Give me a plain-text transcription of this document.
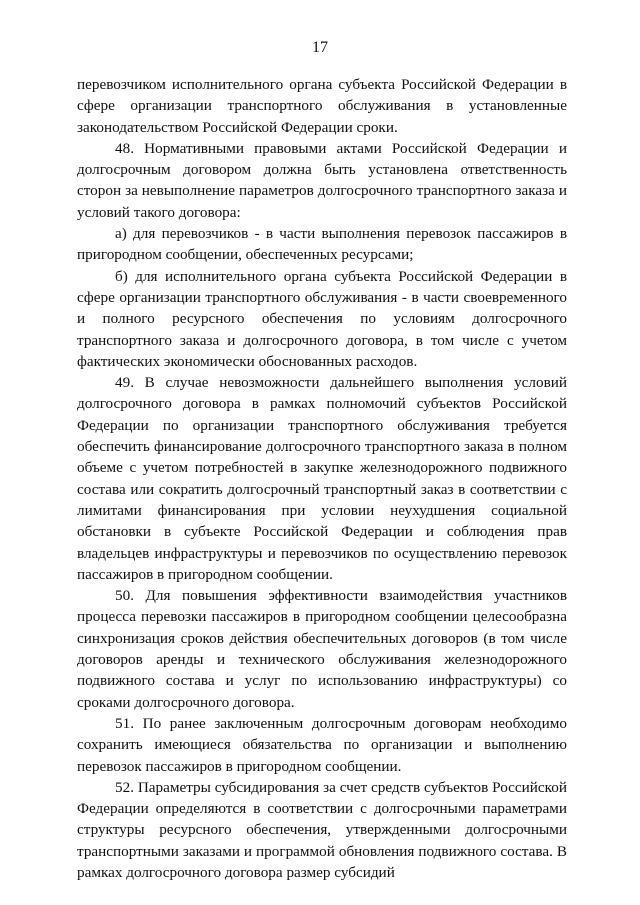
17

перевозчиком исполнительного органа субъекта Российской Федерации в сфере организации транспортного обслуживания в установленные законодательством Российской Федерации сроки.

48. Нормативными правовыми актами Российской Федерации и долгосрочным договором должна быть установлена ответственность сторон за невыполнение параметров долгосрочного транспортного заказа и условий такого договора:

а) для перевозчиков - в части выполнения перевозок пассажиров в пригородном сообщении, обеспеченных ресурсами;

б) для исполнительного органа субъекта Российской Федерации в сфере организации транспортного обслуживания - в части своевременного и полного ресурсного обеспечения по условиям долгосрочного транспортного заказа и долгосрочного договора, в том числе с учетом фактических экономически обоснованных расходов.

49. В случае невозможности дальнейшего выполнения условий долгосрочного договора в рамках полномочий субъектов Российской Федерации по организации транспортного обслуживания требуется обеспечить финансирование долгосрочного транспортного заказа в полном объеме с учетом потребностей в закупке железнодорожного подвижного состава или сократить долгосрочный транспортный заказ в соответствии с лимитами финансирования при условии неухудшения социальной обстановки в субъекте Российской Федерации и соблюдения прав владельцев инфраструктуры и перевозчиков по осуществлению перевозок пассажиров в пригородном сообщении.

50. Для повышения эффективности взаимодействия участников процесса перевозки пассажиров в пригородном сообщении целесообразна синхронизация сроков действия обеспечительных договоров (в том числе договоров аренды и технического обслуживания железнодорожного подвижного состава и услуг по использованию инфраструктуры) со сроками долгосрочного договора.

51. По ранее заключенным долгосрочным договорам необходимо сохранить имеющиеся обязательства по организации и выполнению перевозок пассажиров в пригородном сообщении.

52. Параметры субсидирования за счет средств субъектов Российской Федерации определяются в соответствии с долгосрочными параметрами структуры ресурсного обеспечения, утвержденными долгосрочными транспортными заказами и программой обновления подвижного состава. В рамках долгосрочного договора размер субсидий
